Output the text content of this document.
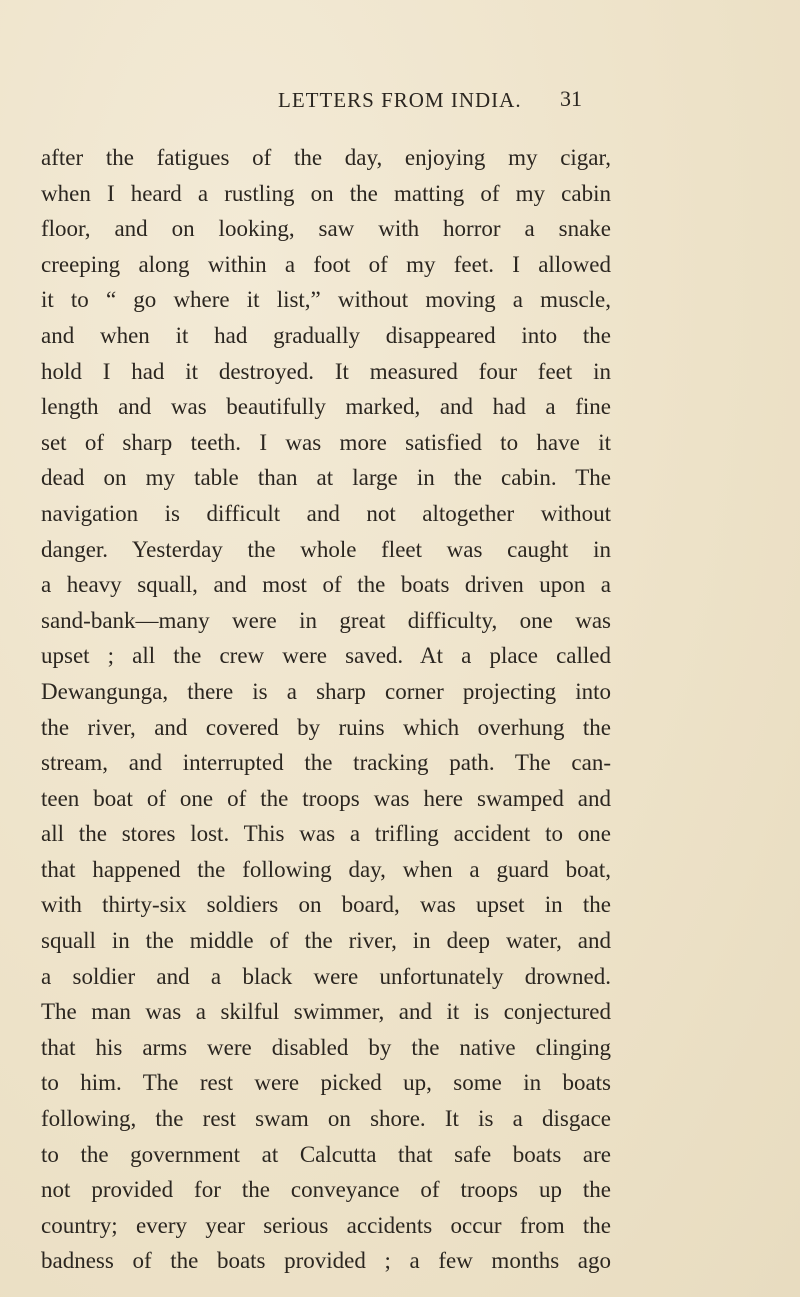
LETTERS FROM INDIA. 31
after the fatigues of the day, enjoying my cigar,
when I heard a rustling on the matting of my cabin
floor, and on looking, saw with horror a snake
creeping along within a foot of my feet. I allowed
it to “ go where it list,” without moving a muscle,
and when it had gradually disappeared into the
hold I had it destroyed. It measured four feet in
length and was beautifully marked, and had a fine
set of sharp teeth. I was more satisfied to have it
dead on my table than at large in the cabin. The
navigation is difficult and not altogether without
danger. Yesterday the whole fleet was caught in
a heavy squall, and most of the boats driven upon a
sand-bank—many were in great difficulty, one was
upset ; all the crew were saved. At a place called
Dewangunga, there is a sharp corner projecting into
the river, and covered by ruins which overhung the
stream, and interrupted the tracking path. The can-
teen boat of one of the troops was here swamped and
all the stores lost. This was a trifling accident to one
that happened the following day, when a guard boat,
with thirty-six soldiers on board, was upset in the
squall in the middle of the river, in deep water, and
a soldier and a black were unfortunately drowned.
The man was a skilful swimmer, and it is conjectured
that his arms were disabled by the native clinging
to him. The rest were picked up, some in boats
following, the rest swam on shore. It is a disgace
to the government at Calcutta that safe boats are
not provided for the conveyance of troops up the
country; every year serious accidents occur from the
badness of the boats provided ; a few months ago
